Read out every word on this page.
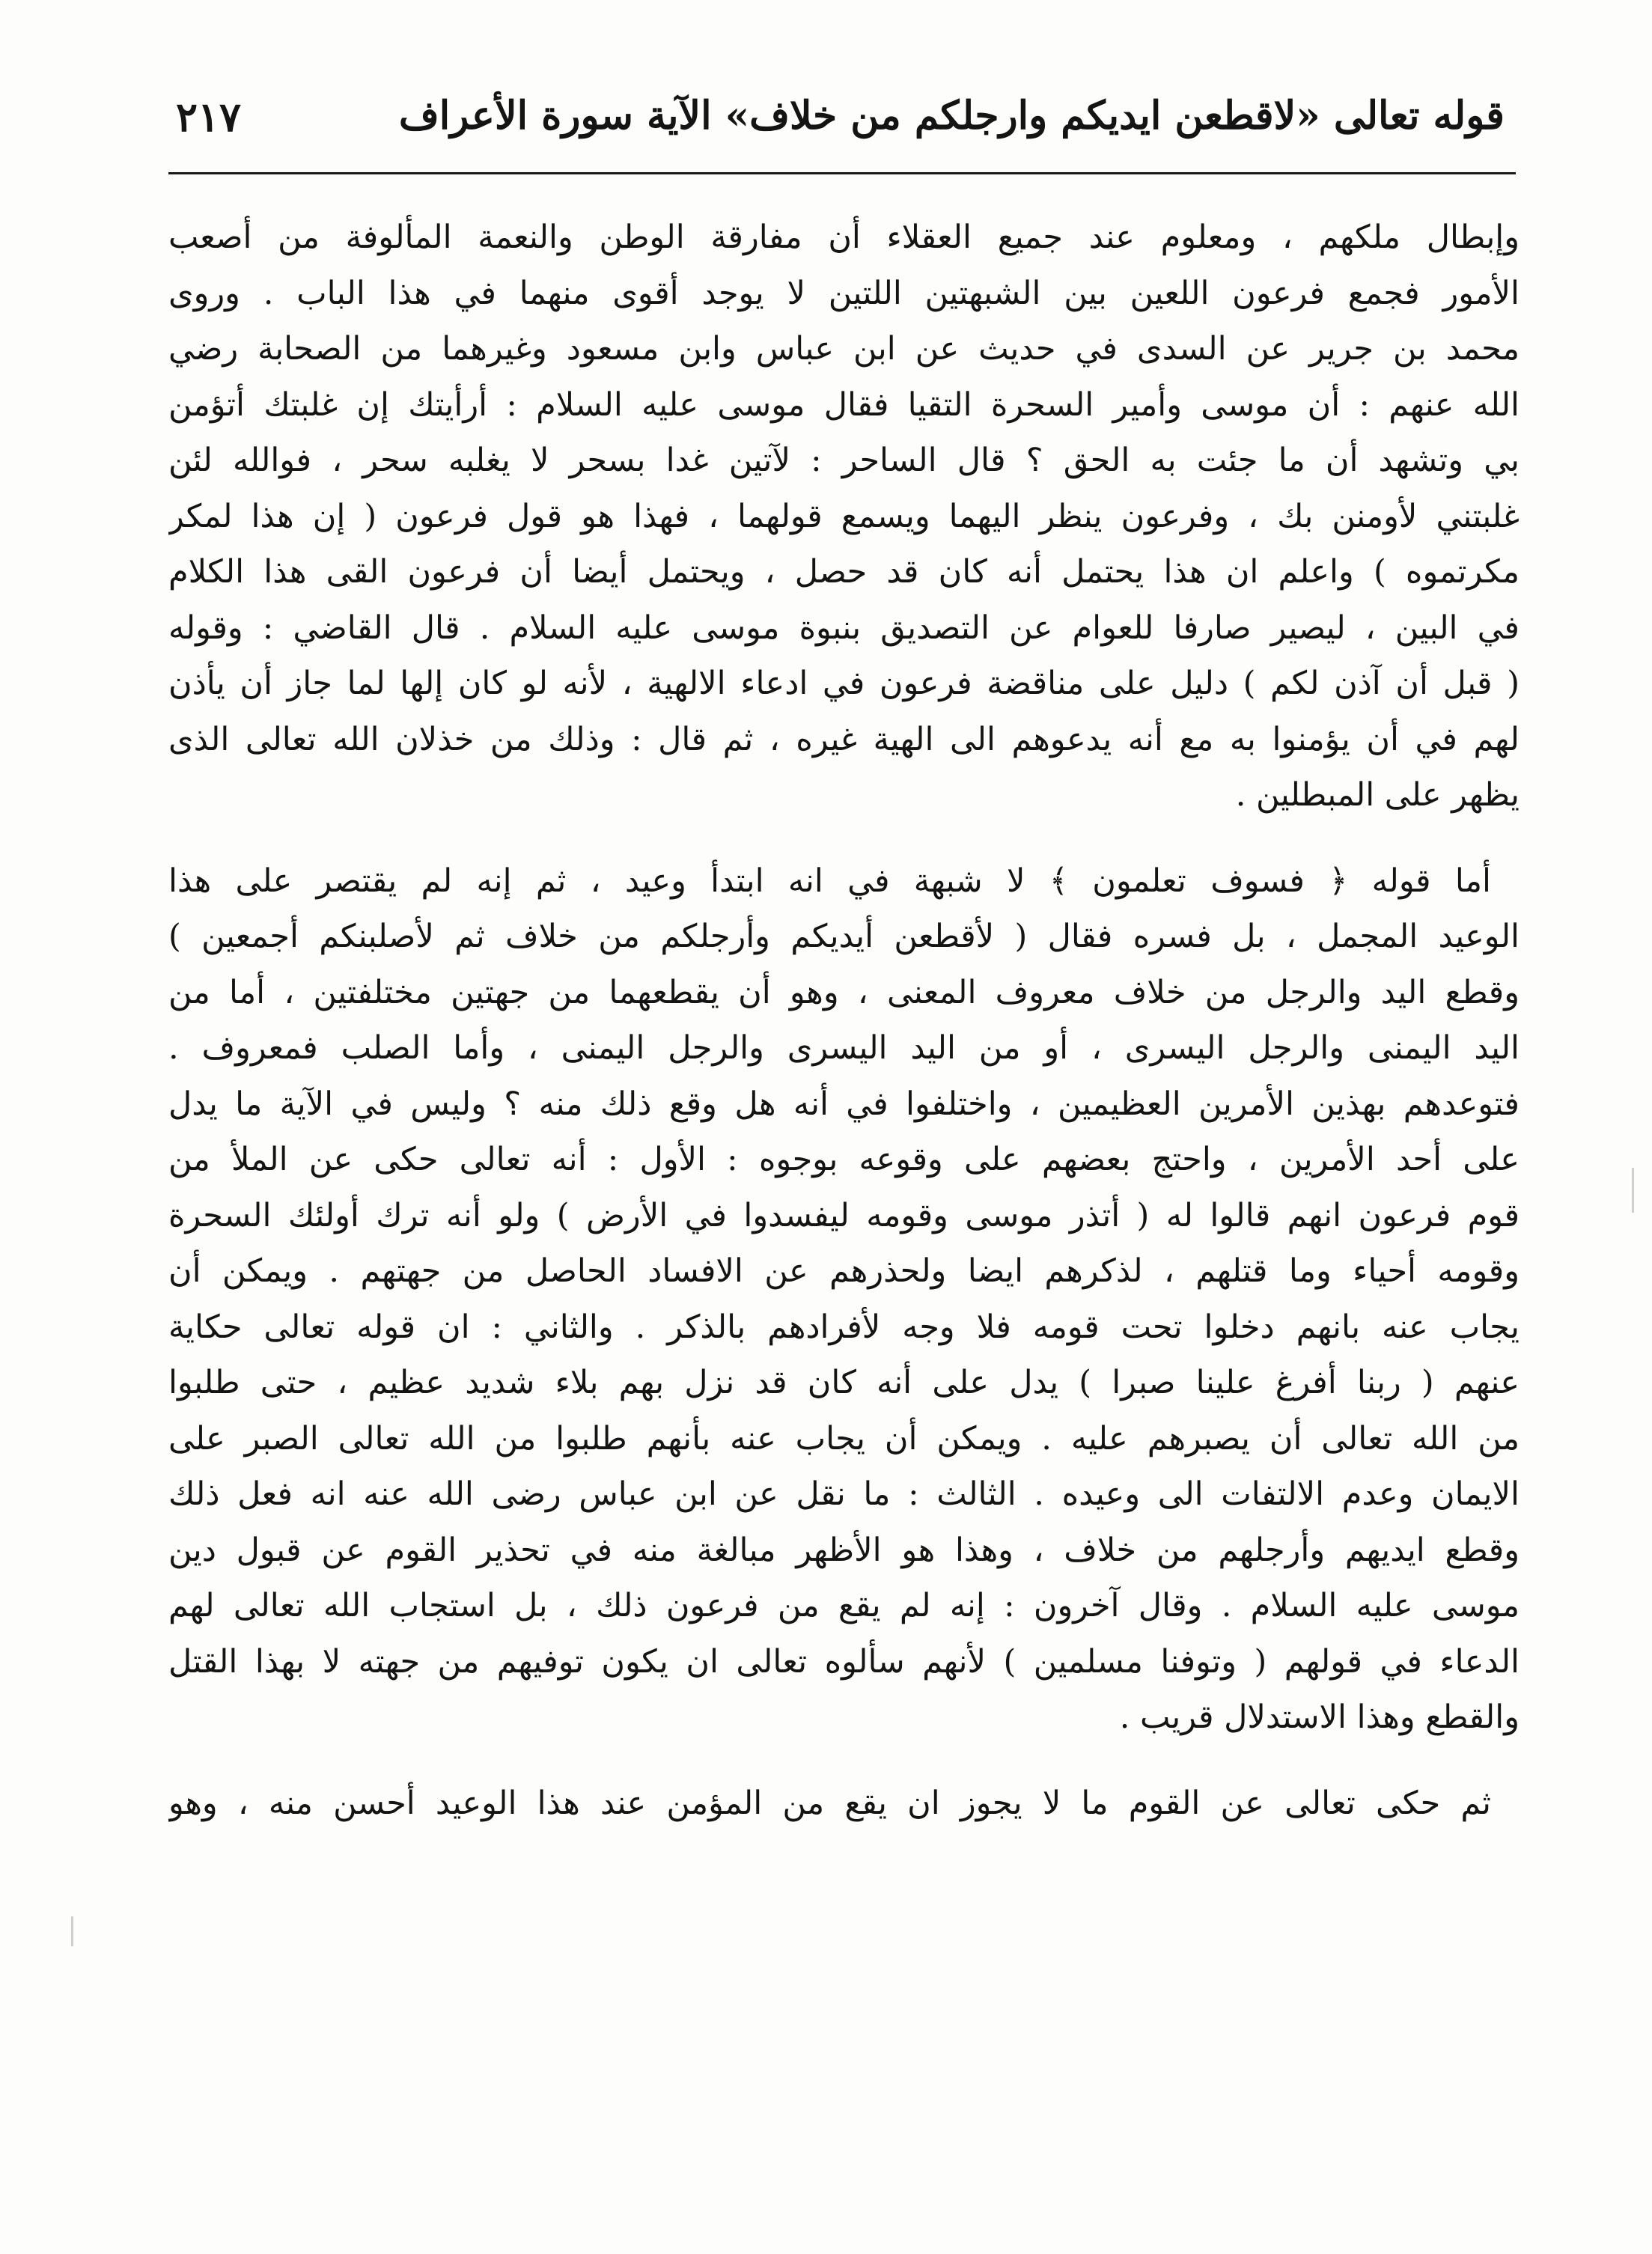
قوله تعالى «لاقطعن ايديكم وارجلكم من خلاف» الآية سورة الأعراف
٢١٧
وإبطال ملكهم ، ومعلوم عند جميع العقلاء أن مفارقة الوطن والنعمة المألوفة من أصعب
الأمور فجمع فرعون اللعين بين الشبهتين اللتين لا يوجد أقوى منهما في هذا الباب . وروى
محمد بن جرير عن السدى في حديث عن ابن عباس وابن مسعود وغيرهما من الصحابة رضي
الله عنهم : أن موسى وأمير السحرة التقيا فقال موسى عليه السلام : أرأيتك إن غلبتك أتؤمن
بي وتشهد أن ما جئت به الحق ؟ قال الساحر : لآتين غدا بسحر لا يغلبه سحر ، فوالله لئن
غلبتني لأومنن بك ، وفرعون ينظر اليهما ويسمع قولهما ، فهذا هو قول فرعون ( إن هذا لمكر
مكرتموه ) واعلم ان هذا يحتمل أنه كان قد حصل ، ويحتمل أيضا أن فرعون القى هذا الكلام
في البين ، ليصير صارفا للعوام عن التصديق بنبوة موسى عليه السلام . قال القاضي : وقوله
( قبل أن آذن لكم ) دليل على مناقضة فرعون في ادعاء الالهية ، لأنه لو كان إلها لما جاز أن يأذن
لهم في أن يؤمنوا به مع أنه يدعوهم الى الهية غيره ، ثم قال : وذلك من خذلان الله تعالى الذى
يظهر على المبطلين .
أما قوله ﴿ فسوف تعلمون ﴾ لا شبهة في انه ابتدأ وعيد ، ثم إنه لم يقتصر على هذا
الوعيد المجمل ، بل فسره فقال ( لأقطعن أيديكم وأرجلكم من خلاف ثم لأصلبنكم أجمعين )
وقطع اليد والرجل من خلاف معروف المعنى ، وهو أن يقطعهما من جهتين مختلفتين ، أما من
اليد اليمنى والرجل اليسرى ، أو من اليد اليسرى والرجل اليمنى ، وأما الصلب فمعروف .
فتوعدهم بهذين الأمرين العظيمين ، واختلفوا في أنه هل وقع ذلك منه ؟ وليس في الآية ما يدل
على أحد الأمرين ، واحتج بعضهم على وقوعه بوجوه : الأول : أنه تعالى حكى عن الملأ من
قوم فرعون انهم قالوا له ( أتذر موسى وقومه ليفسدوا في الأرض ) ولو أنه ترك أولئك السحرة
وقومه أحياء وما قتلهم ، لذكرهم ايضا ولحذرهم عن الافساد الحاصل من جهتهم . ويمكن أن
يجاب عنه بانهم دخلوا تحت قومه فلا وجه لأفرادهم بالذكر . والثاني : ان قوله تعالى حكاية
عنهم ( ربنا أفرغ علينا صبرا ) يدل على أنه كان قد نزل بهم بلاء شديد عظيم ، حتى طلبوا
من الله تعالى أن يصبرهم عليه . ويمكن أن يجاب عنه بأنهم طلبوا من الله تعالى الصبر على
الايمان وعدم الالتفات الى وعيده . الثالث : ما نقل عن ابن عباس رضى الله عنه انه فعل ذلك
وقطع ايديهم وأرجلهم من خلاف ، وهذا هو الأظهر مبالغة منه في تحذير القوم عن قبول دين
موسى عليه السلام . وقال آخرون : إنه لم يقع من فرعون ذلك ، بل استجاب الله تعالى لهم
الدعاء في قولهم ( وتوفنا مسلمين ) لأنهم سألوه تعالى ان يكون توفيهم من جهته لا بهذا القتل
والقطع وهذا الاستدلال قريب .
ثم حكى تعالى عن القوم ما لا يجوز ان يقع من المؤمن عند هذا الوعيد أحسن منه ، وهو
